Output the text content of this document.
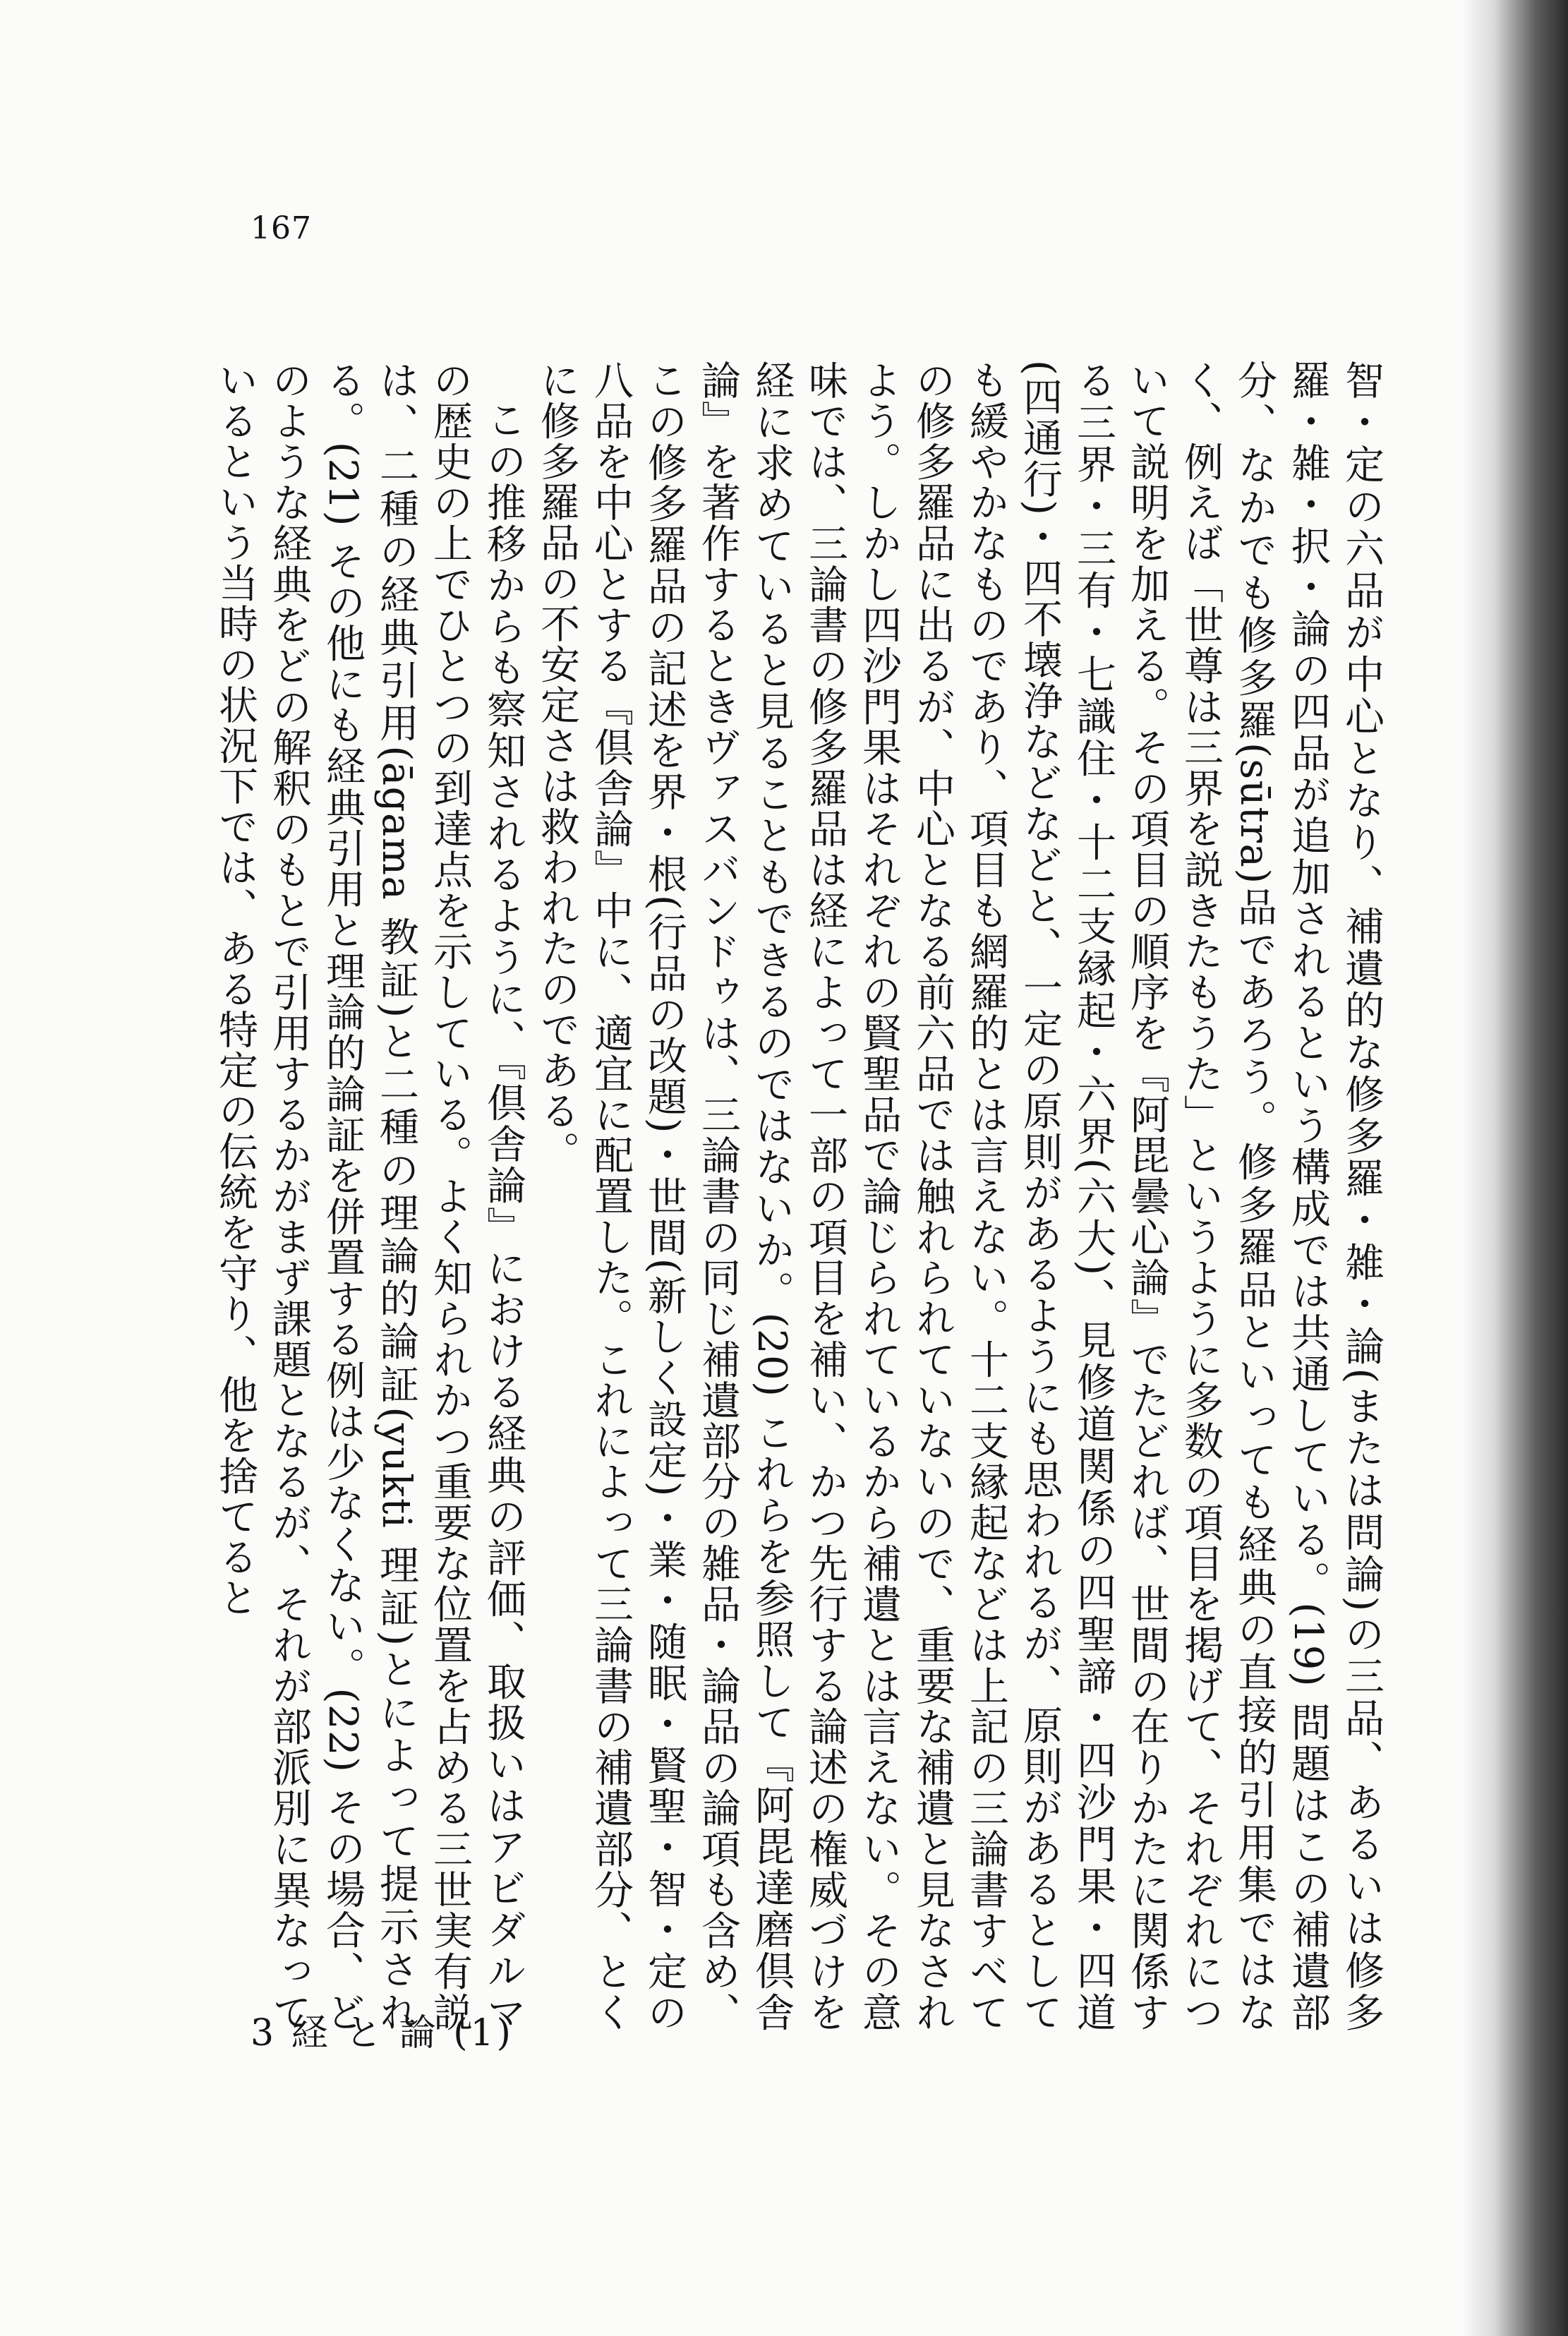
167

智・定の六品が中心となり、補遺的な修多羅・雑・論(または問論)の三品、あるいは修多羅・雑・択・論の四品が追加されるという構成では共通している。(19) 問題はこの補遺部分、なかでも修多羅(sūtra)品であろう。修多羅品といっても経典の直接的引用集ではなく、例えば「世尊は三界を説きたもうた」というように多数の項目を掲げて、それぞれについて説明を加える。その項目の順序を『阿毘曇心論』でたどれば、世間の在りかたに関係する三界・三有・七識住・十二支縁起・六界(六大)、見修道関係の四聖諦・四沙門果・四道(四通行)・四不壊浄などなどと、一定の原則があるようにも思われるが、原則があるとしても緩やかなものであり、項目も網羅的とは言えない。十二支縁起などは上記の三論書すべての修多羅品に出るが、中心となる前六品では触れられていないので、重要な補遺と見なされよう。しかし四沙門果はそれぞれの賢聖品で論じられているから補遺とは言えない。その意味では、三論書の修多羅品は経によって一部の項目を補い、かつ先行する論述の権威づけを経に求めていると見ることもできるのではないか。(20) これらを参照して『阿毘達磨倶舎論』を著作するときヴァスバンドゥは、三論書の同じ補遺部分の雑品・論品の論項も含め、この修多羅品の記述を界・根(行品の改題)・世間(新しく設定)・業・随眠・賢聖・智・定の八品を中心とする『倶舎論』中に、適宜に配置した。これによって三論書の補遺部分、とくに修多羅品の不安定さは救われたのである。

この推移からも察知されるように、『倶舎論』における経典の評価、取扱いはアビダルマの歴史の上でひとつの到達点を示している。よく知られかつ重要な位置を占める三世実有説は、二種の経典引用(āgama 教証)と二種の理論的論証(yukti 理証)とによって提示される。(21) その他にも経典引用と理論的論証を併置する例は少なくない。(22) その場合、どのような経典をどの解釈のもとで引用するかがまず課題となるが、それが部派別に異なっているという当時の状況下では、ある特定の伝統を守り、他を捨てると

3 経 と 論 (1)
